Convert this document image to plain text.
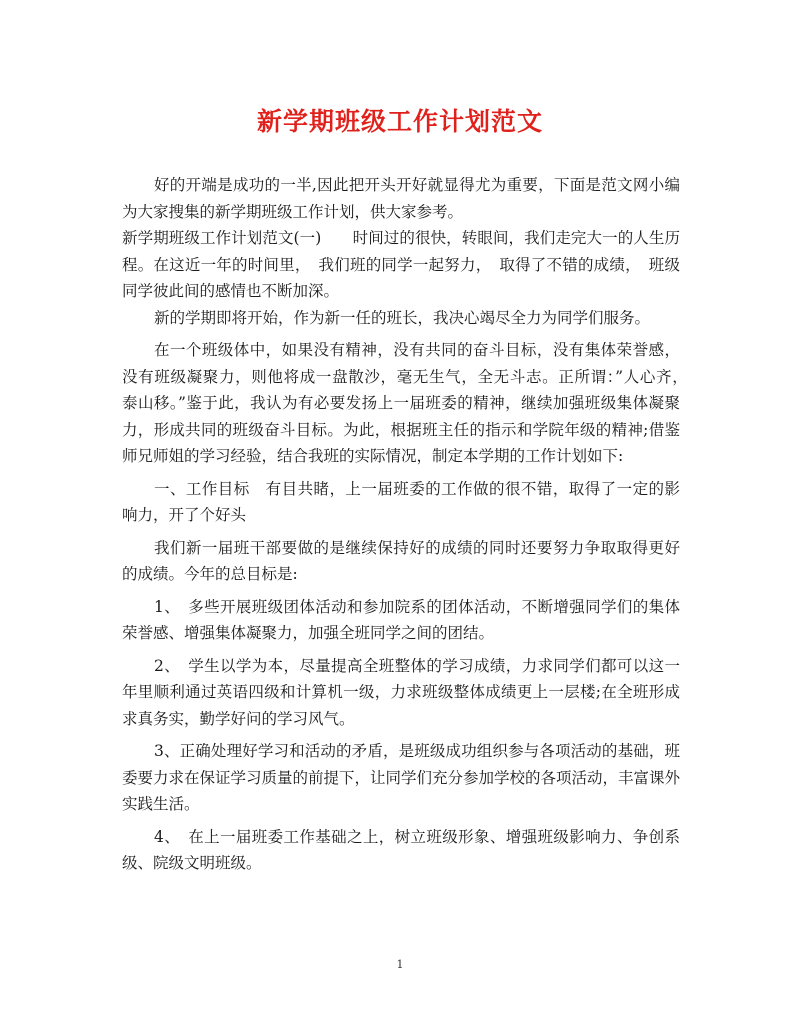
新学期班级工作计划范文

好的开端是成功的一半,因此把开头开好就显得尤为重要，下面是范文网小编为大家搜集的新学期班级工作计划，供大家参考。

新学期班级工作计划范文(一)　　时间过的很快，转眼间，我们走完大一的人生历程。在这近一年的时间里，　我们班的同学一起努力，　取得了不错的成绩，　班级同学彼此间的感情也不断加深。

新的学期即将开始，作为新一任的班长，我决心竭尽全力为同学们服务。

在一个班级体中，如果没有精神，没有共同的奋斗目标，没有集体荣誉感，没有班级凝聚力，则他将成一盘散沙，毫无生气，全无斗志。正所谓：”人心齐，　泰山移。”鉴于此，我认为有必要发扬上一届班委的精神，继续加强班级集体凝聚力，形成共同的班级奋斗目标。为此，根据班主任的指示和学院年级的精神;借鉴师兄师姐的学习经验，结合我班的实际情况，制定本学期的工作计划如下:

一、工作目标　有目共睹，上一届班委的工作做的很不错，取得了一定的影响力，开了个好头

我们新一届班干部要做的是继续保持好的成绩的同时还要努力争取取得更好的成绩。今年的总目标是:

1、　多些开展班级团体活动和参加院系的团体活动，不断增强同学们的集体荣誉感、增强集体凝聚力，加强全班同学之间的团结。

2、　学生以学为本，尽量提高全班整体的学习成绩，力求同学们都可以这一年里顺利通过英语四级和计算机一级，力求班级整体成绩更上一层楼;在全班形成求真务实，勤学好问的学习风气。

3、正确处理好学习和活动的矛盾，是班级成功组织参与各项活动的基础，班委要力求在保证学习质量的前提下，让同学们充分参加学校的各项活动，丰富课外实践生活。

4、　在上一届班委工作基础之上，树立班级形象、增强班级影响力、争创系级、院级文明班级。

1
